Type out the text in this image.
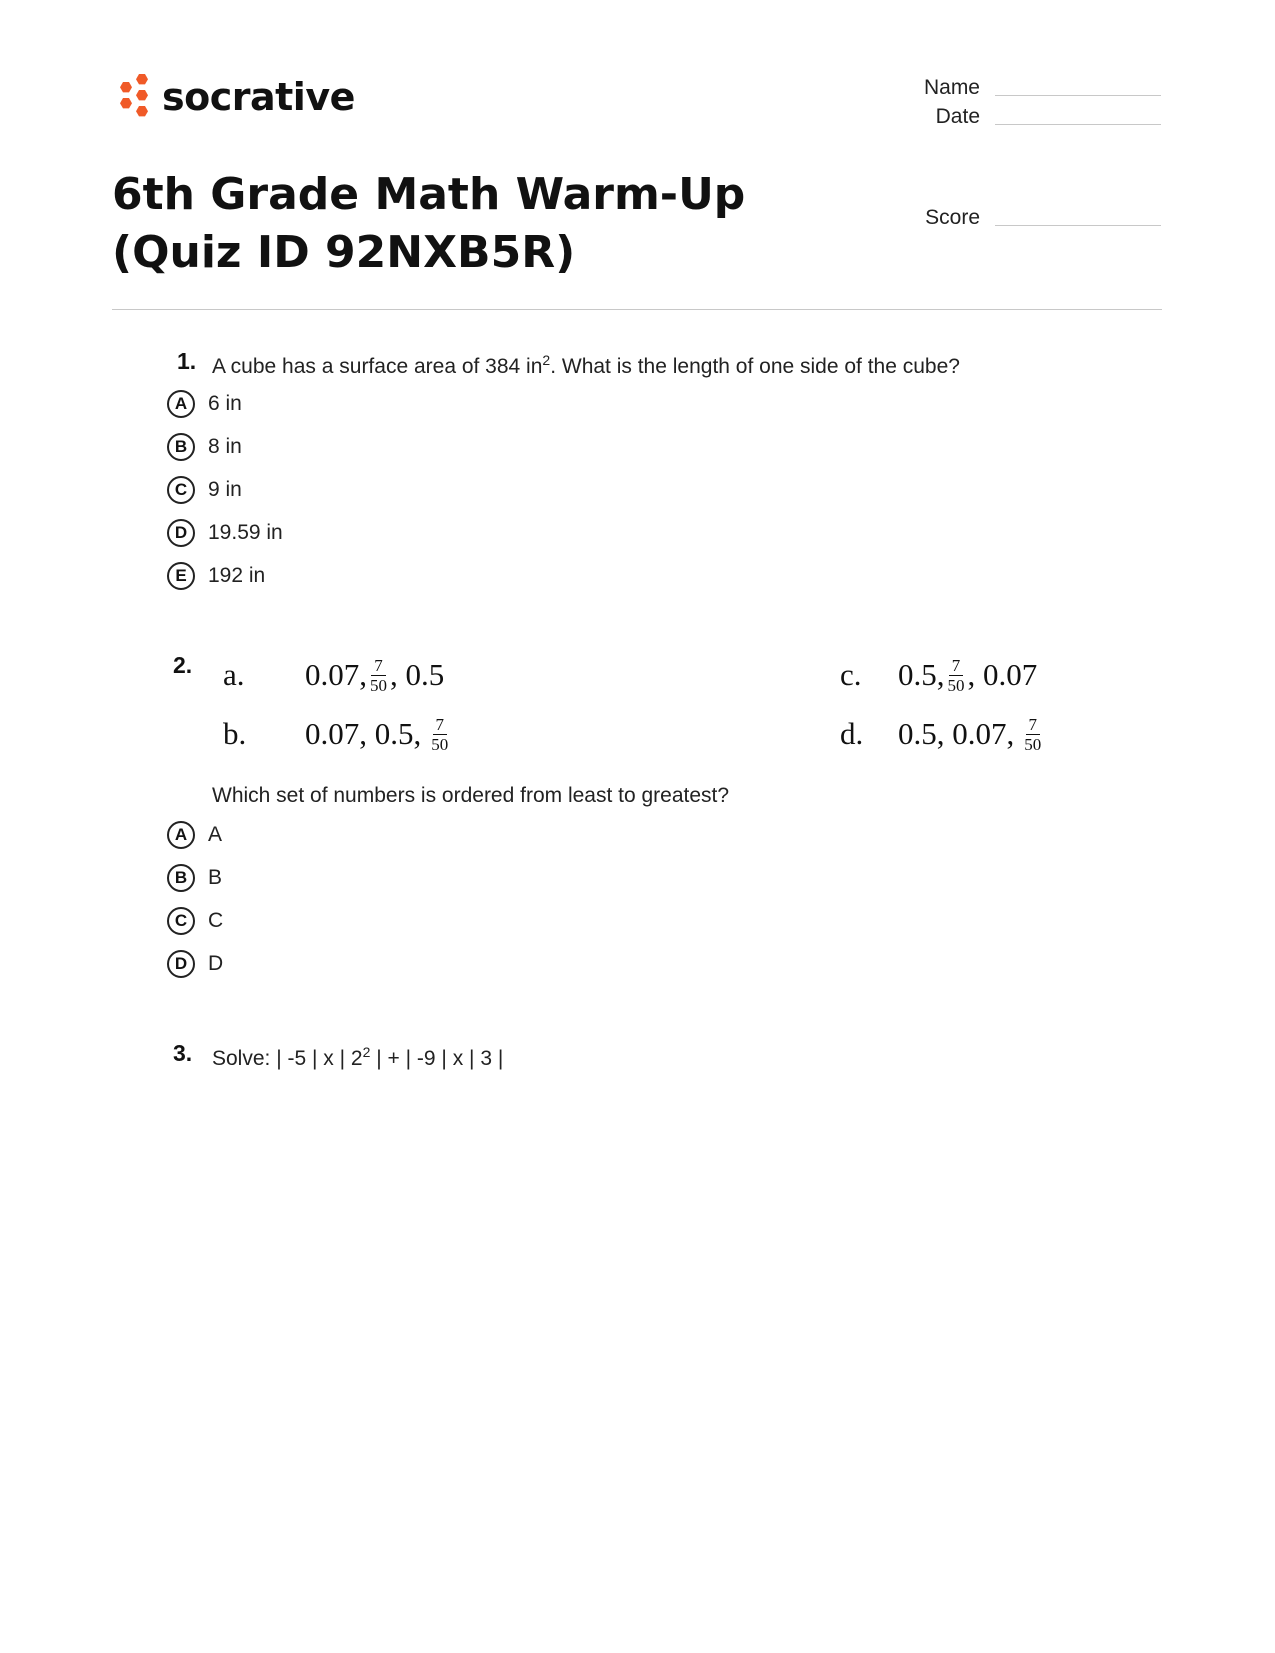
socrative	Name
Date
Score
6th Grade Math Warm-Up (Quiz ID 92NXB5R)
1. A cube has a surface area of 384 $in^2$. What is the length of one side of the cube?
A 6 in
B 8 in
C 9 in
D 19.59 in
E	192 in
2. a.	0.07, $\frac{7}{50}$ ,
0.5
b.	0.07, 0.5, $\frac{7}{50}$
c.	0.5, $\frac{7}{50}$ ,
0.07
d.	0.5, 0.07, $\frac{7}{50}$
Which set of numbers is ordered from least to greatest?
A A
B B
C C
D D
3. Solve: | -5 | x | $2^2$ | + | -9 | x | 3 |
